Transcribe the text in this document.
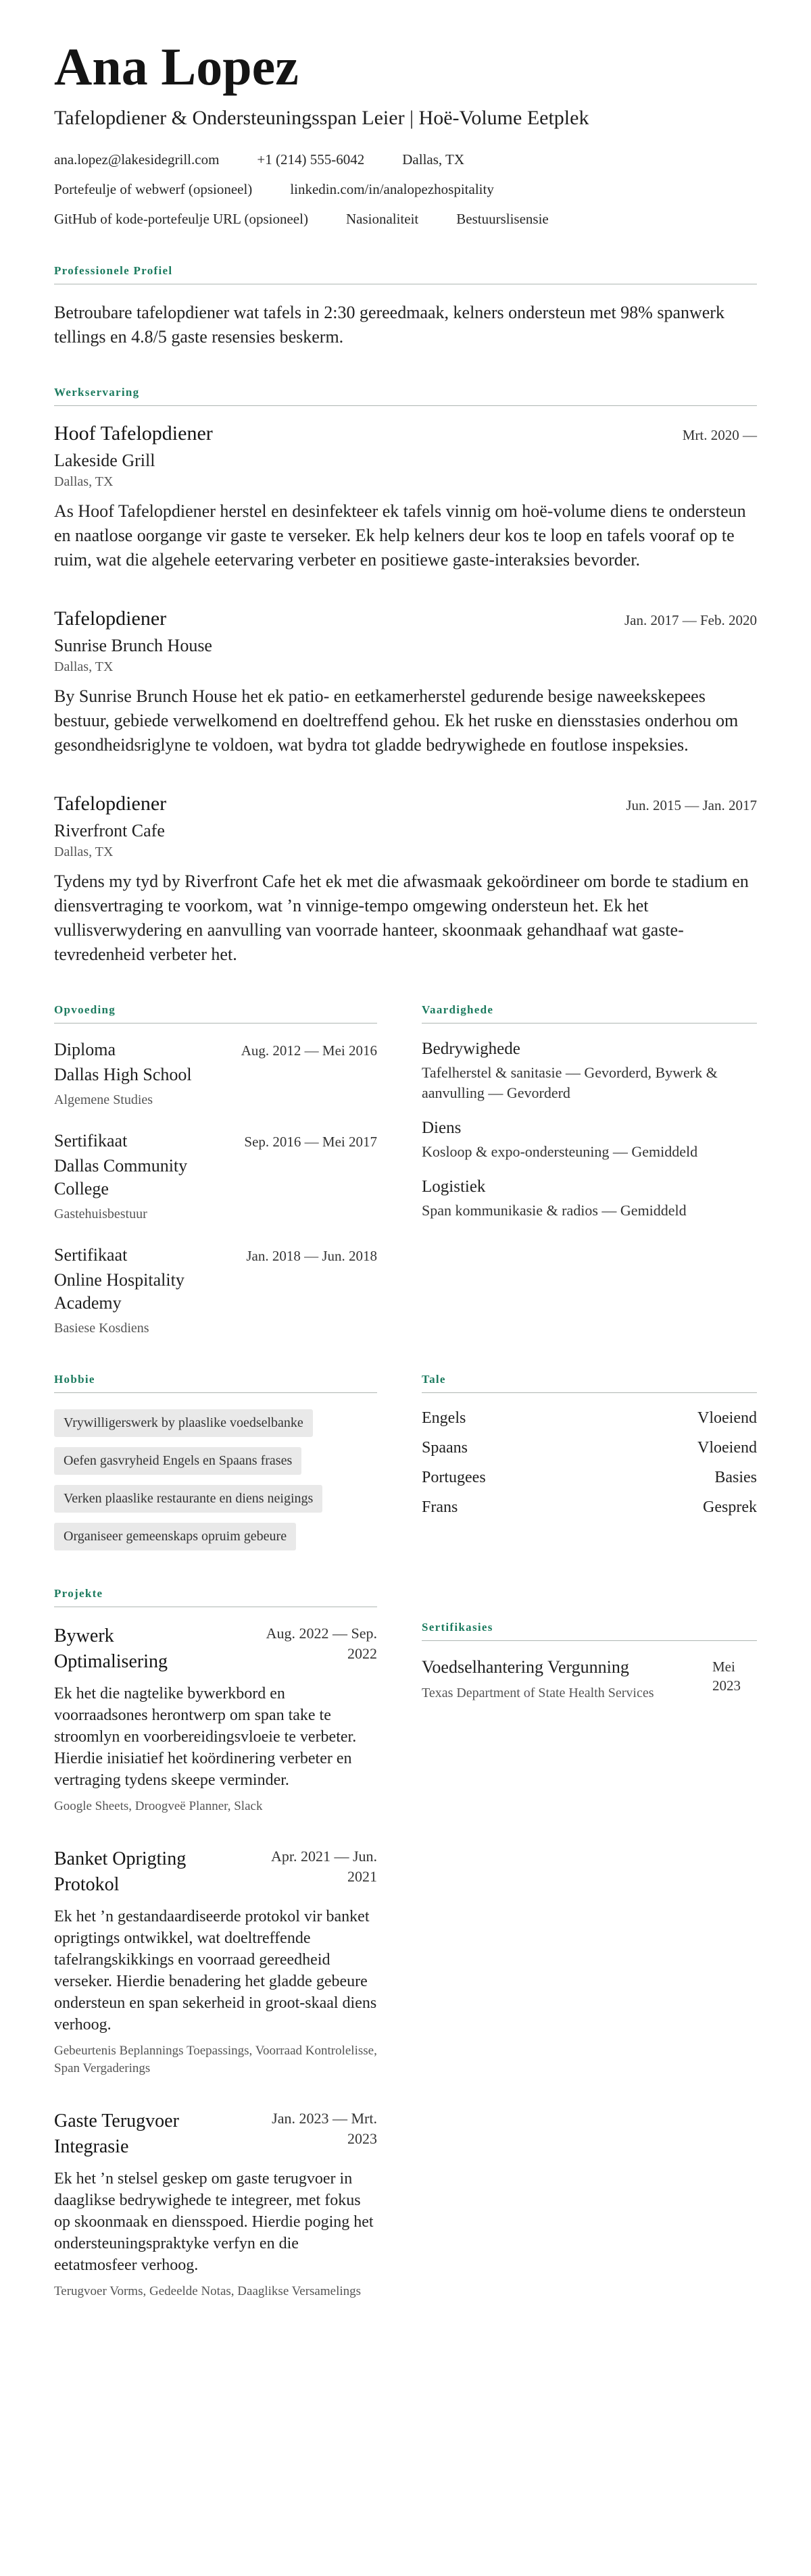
Ana Lopez
Tafelopdiener & Ondersteuningsspan Leier | Hoë-Volume Eetplek
ana.lopez@lakesidegrill.com	+1 (214) 555-6042	Dallas, TX
Portefeulje of webwerf (opsioneel)	linkedin.com/in/analopezhospitality
GitHub of kode-portefeulje URL (opsioneel)	Nasionaliteit	Bestuurslisensie
Professionele Profiel

Betroubare tafelopdiener wat tafels in 2:30 gereedmaak, kelners ondersteun met 98% spanwerk tellings en 4.8/5 gaste resensies beskerm.

Werkservaring
Hoof Tafelopdiener	Mrt. 2020 —
Lakeside Grill
Dallas, TX

As Hoof Tafelopdiener herstel en desinfekteer ek tafels vinnig om hoë-volume diens te ondersteun en naatlose oorgange vir gaste te verseker. Ek help kelners deur kos te loop en tafels vooraf op te ruim, wat die algehele eetervaring verbeter en positiewe gaste-interaksies bevorder.

Tafelopdiener	Jan. 2017 — Feb. 2020
Sunrise Brunch House
Dallas, TX

By Sunrise Brunch House het ek patio- en eetkamerherstel gedurende besige naweekskepees bestuur, gebiede verwelkomend en doeltreffend gehou. Ek het ruske en diensstasies onderhou om gesondheidsriglyne te voldoen, wat bydra tot gladde bedrywighede en foutlose inspeksies.

Tafelopdiener	Jun. 2015 — Jan. 2017
Riverfront Cafe
Dallas, TX

Tydens my tyd by Riverfront Cafe het ek met die afwasmaak gekoördineer om borde te stadium en diensvertraging te voorkom, wat ’n vinnige-tempo omgewing ondersteun het. Ek het vullisverwydering en aanvulling van voorrade hanteer, skoonmaak gehandhaaf wat gaste-tevredenheid verbeter het.

Opvoeding
Diploma
Dallas High School
Algemene Studies
Aug. 2012 — Mei 2016
Sertifikaat
Dallas Community College
Gastehuisbestuur
Sep. 2016 — Mei 2017
Sertifikaat
Online Hospitality Academy
Basiese Kosdiens
Jan. 2018 — Jun. 2018
Vaardighede
Bedrywighede
Tafelherstel & sanitasie — Gevorderd, Bywerk & aanvulling — Gevorderd
Diens
Kosloop & expo-ondersteuning — Gemiddeld
Logistiek
Span kommunikasie & radios — Gemiddeld
Hobbie
Vrywilligerswerk by plaaslike voedselbanke
Oefen gasvryheid Engels en Spaans frases
Verken plaaslike restaurante en diens neigings
Organiseer gemeenskaps opruim gebeure
Tale
Engels	Vloeiend
Spaans	Vloeiend
Portugees	Basies
Frans	Gesprek
Projekte
Bywerk Optimalisering
Aug. 2022 — Sep. 2022

Ek het die nagtelike bywerkbord en voorraadsones herontwerp om span take te stroomlyn en voorbereidingsvloeie te verbeter. Hierdie inisiatief het koördinering verbeter en vertraging tydens skeepe verminder.

Google Sheets, Droogveë Planner, Slack
Banket Oprigting Protokol
Apr. 2021 — Jun. 2021

Ek het ’n gestandaardiseerde protokol vir banket oprigtings ontwikkel, wat doeltreffende tafelrangskikkings en voorraad gereedheid verseker. Hierdie benadering het gladde gebeure ondersteun en span sekerheid in groot-skaal diens verhoog.

Gebeurtenis Beplannings Toepassings, Voorraad Kontrolelisse, Span Vergaderings
Gaste Terugvoer Integrasie
Jan. 2023 — Mrt. 2023

Ek het ’n stelsel geskep om gaste terugvoer in daaglikse bedrywighede te integreer, met fokus op skoonmaak en diensspoed. Hierdie poging het ondersteuningspraktyke verfyn en die eetatmosfeer verhoog.

Terugvoer Vorms, Gedeelde Notas, Daaglikse Versamelings
Sertifikasies
Voedselhantering Vergunning
Texas Department of State Health Services
Mei 2023
